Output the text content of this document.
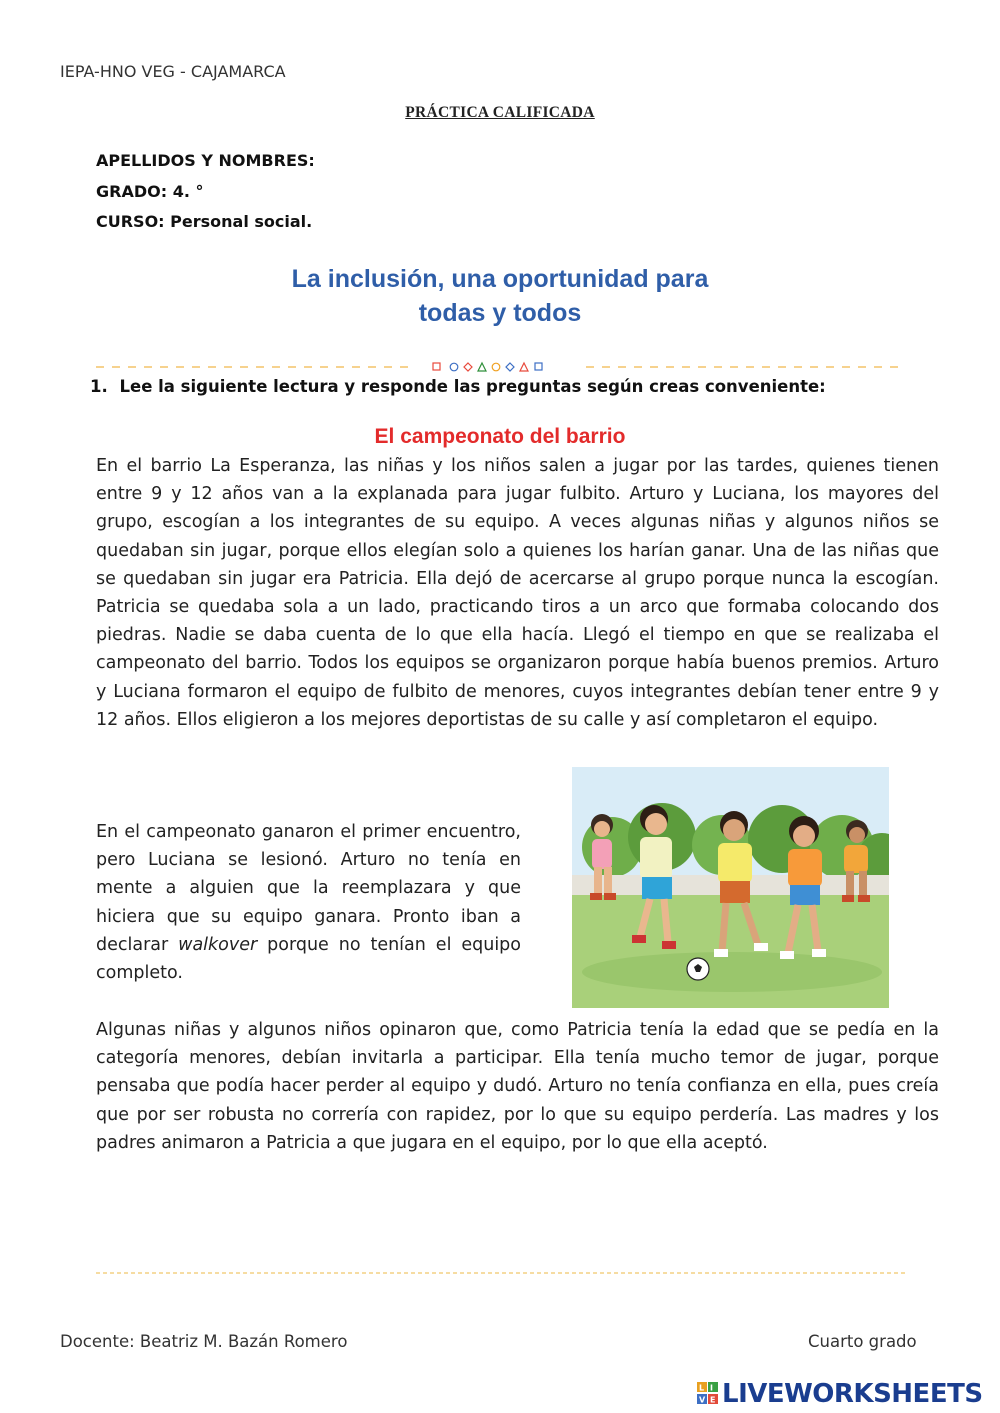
IEPA-HNO VEG - CAJAMARCA
PRÁCTICA CALIFICADA
APELLIDOS Y NOMBRES:
GRADO: 4. °
CURSO: Personal social.
La inclusión, una oportunidad para
todas y todos
1. Lee la siguiente lectura y responde las preguntas según creas conveniente:
El campeonato del barrio
En el barrio La Esperanza, las niñas y los niños salen a jugar por las tardes, quienes tienen entre 9 y 12 años van a la explanada para jugar fulbito. Arturo y Luciana, los mayores del grupo, escogían a los integrantes de su equipo. A veces algunas niñas y algunos niños se quedaban sin jugar, porque ellos elegían solo a quienes los harían ganar. Una de las niñas que se quedaban sin jugar era Patricia. Ella dejó de acercarse al grupo porque nunca la escogían. Patricia se quedaba sola a un lado, practicando tiros a un arco que formaba colocando dos piedras. Nadie se daba cuenta de lo que ella hacía. Llegó el tiempo en que se realizaba el campeonato del barrio. Todos los equipos se organizaron porque había buenos premios. Arturo y Luciana formaron el equipo de fulbito de menores, cuyos integrantes debían tener entre 9 y 12 años. Ellos eligieron a los mejores deportistas de su calle y así completaron el equipo.
En el campeonato ganaron el primer encuentro, pero Luciana se lesionó. Arturo no tenía en mente a alguien que la reemplazara y que hiciera que su equipo ganara. Pronto iban a declarar walkover porque no tenían el equipo completo.
Algunas niñas y algunos niños opinaron que, como Patricia tenía la edad que se pedía en la categoría menores, debían invitarla a participar. Ella tenía mucho temor de jugar, porque pensaba que podía hacer perder al equipo y dudó. Arturo no tenía confianza en ella, pues creía que por ser robusta no correría con rapidez, por lo que su equipo perdería. Las madres y los padres animaron a Patricia a que jugara en el equipo, por lo que ella aceptó.
Docente: Beatriz M. Bazán Romero	Cuarto grado
L I
V E LIVEWORKSHEETS
